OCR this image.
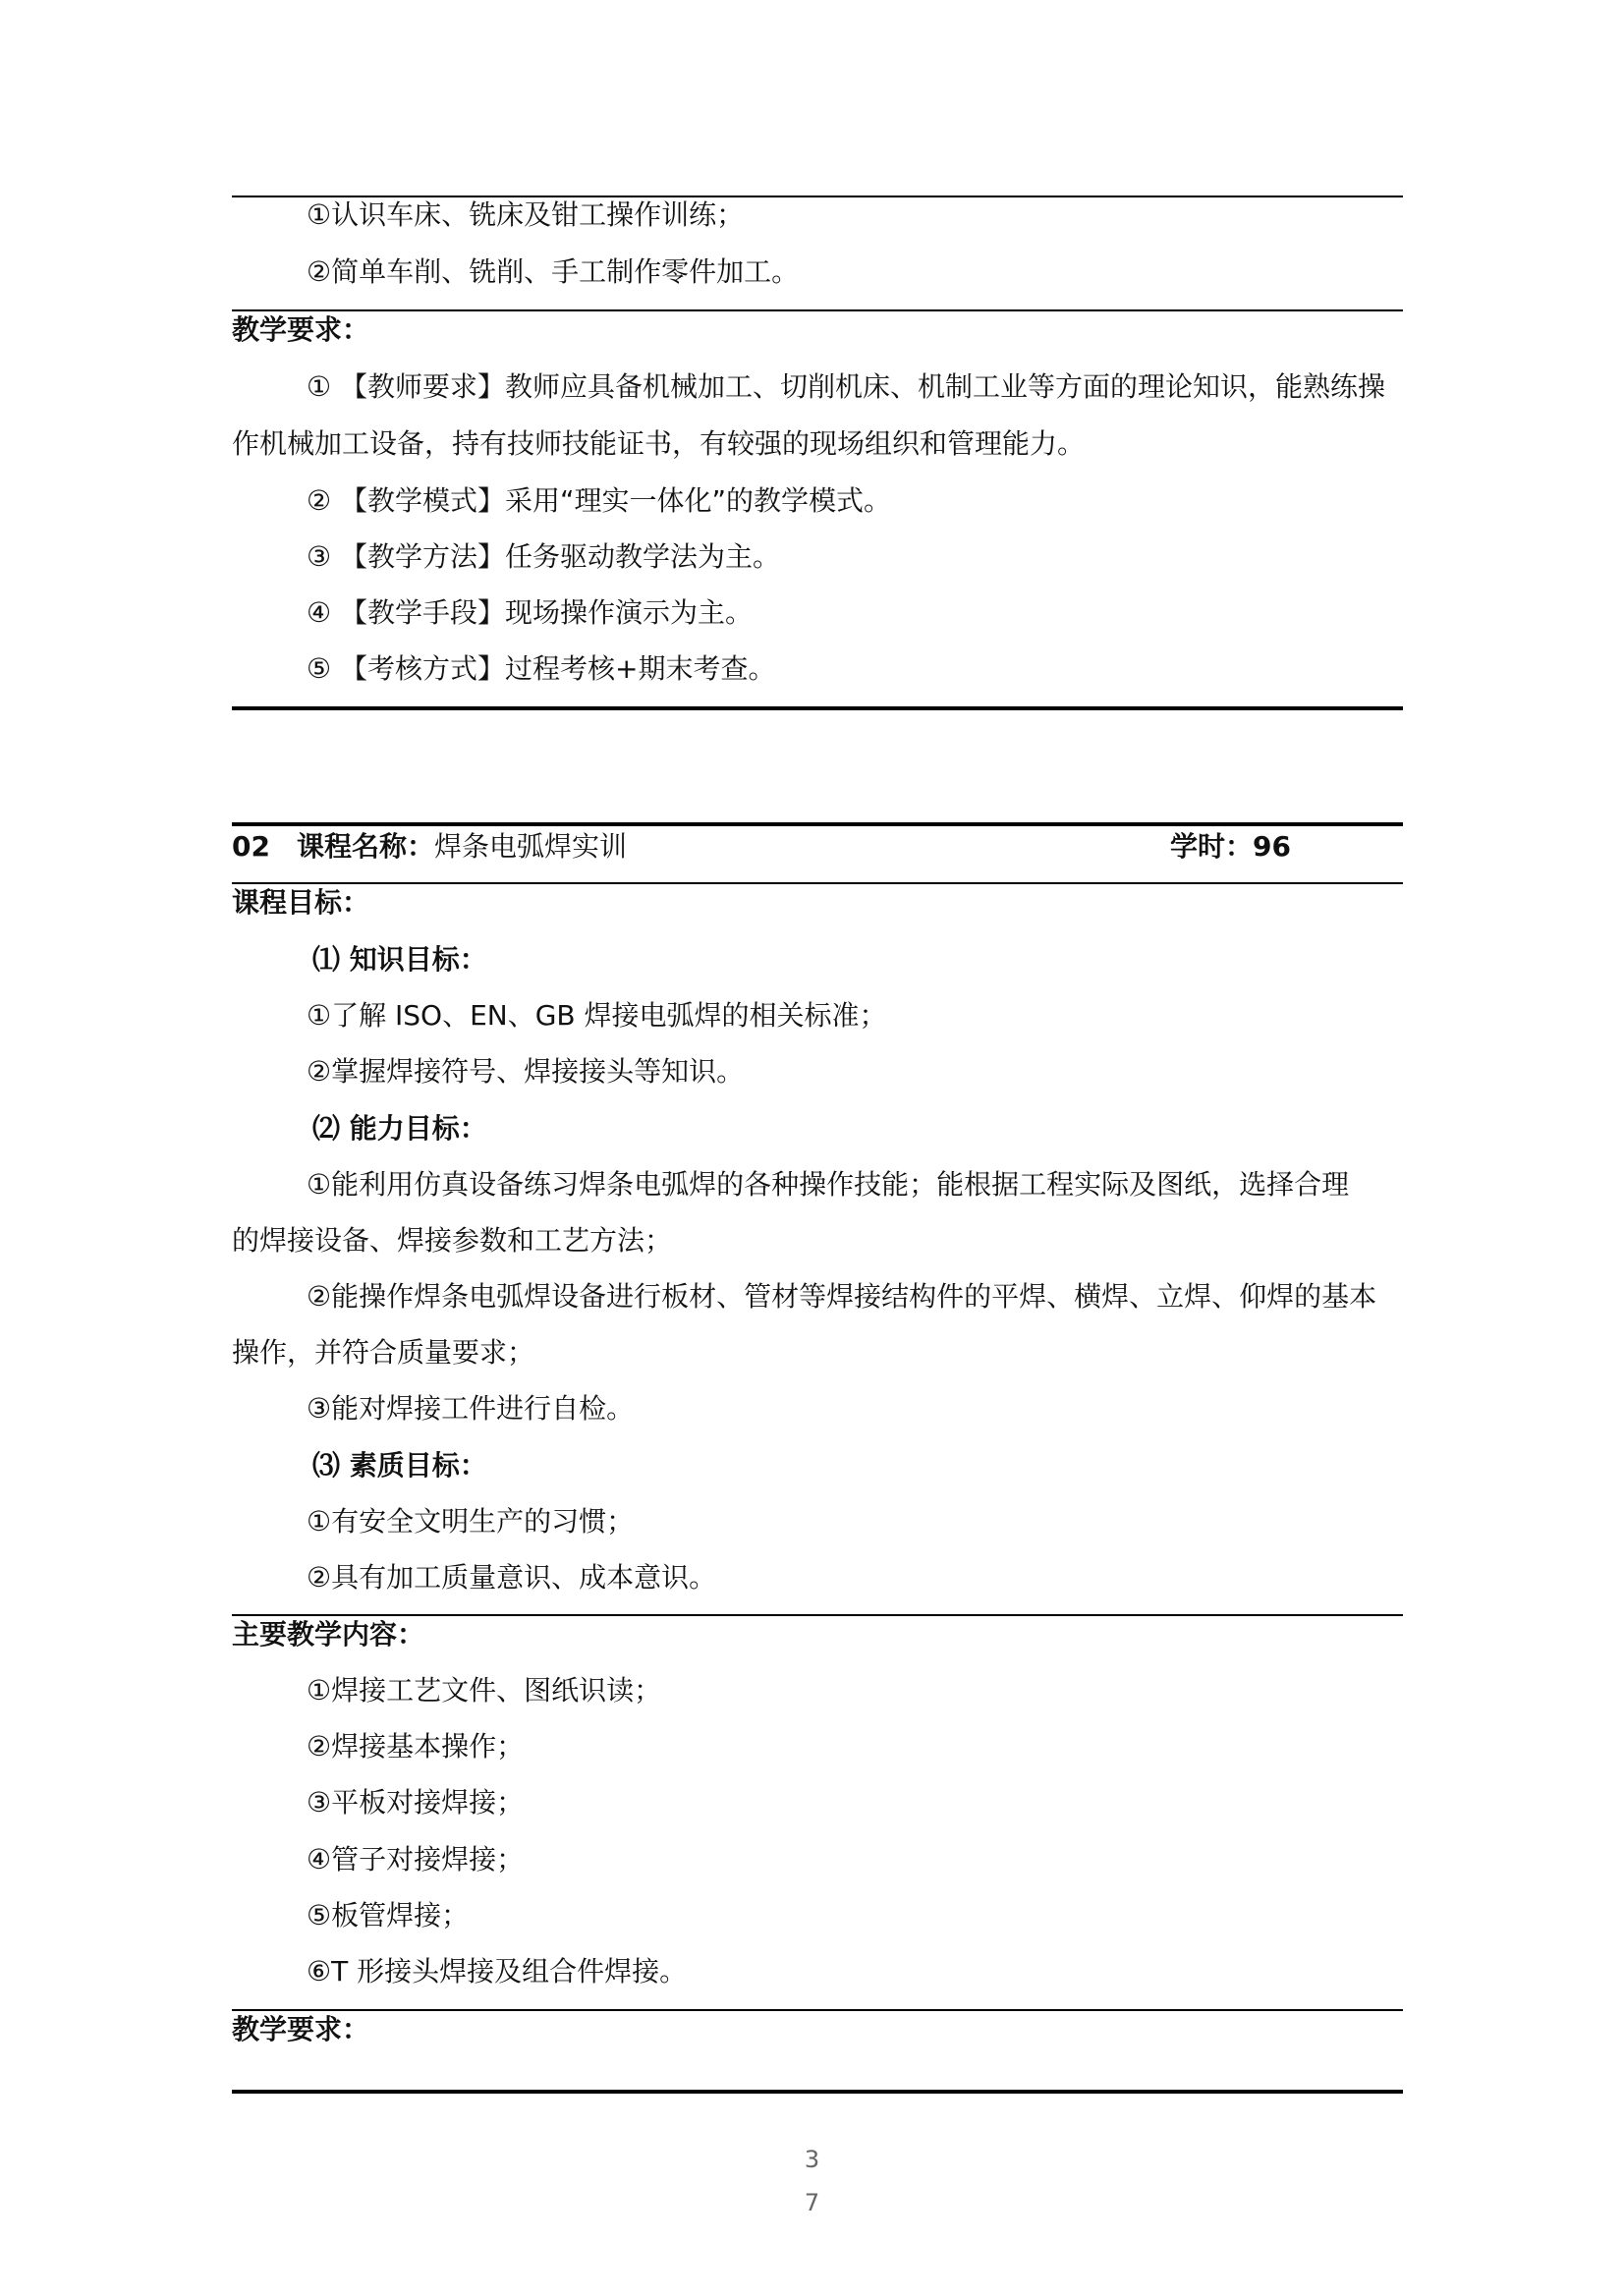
①认识车床、铣床及钳工操作训练；
②简单车削、铣削、手工制作零件加工。
教学要求：
① 【教师要求】教师应具备机械加工、切削机床、机制工业等方面的理论知识，能熟练操
作机械加工设备，持有技师技能证书，有较强的现场组织和管理能力。
② 【教学模式】采用“理实一体化”的教学模式。
③ 【教学方法】任务驱动教学法为主。
④ 【教学手段】现场操作演示为主。
⑤ 【考核方式】过程考核+期末考查。
02 课程名称：焊条电弧焊实训	学时：96
课程目标：
⑴ 知识目标：
①了解 ISO、EN、GB 焊接电弧焊的相关标准；
②掌握焊接符号、焊接接头等知识。
⑵ 能力目标：
①能利用仿真设备练习焊条电弧焊的各种操作技能；能根据工程实际及图纸，选择合理
的焊接设备、焊接参数和工艺方法；
②能操作焊条电弧焊设备进行板材、管材等焊接结构件的平焊、横焊、立焊、仰焊的基本
操作，并符合质量要求；
③能对焊接工件进行自检。
⑶ 素质目标：
①有安全文明生产的习惯；
②具有加工质量意识、成本意识。
主要教学内容：
①焊接工艺文件、图纸识读；
②焊接基本操作；
③平板对接焊接；
④管子对接焊接；
⑤板管焊接；
⑥T 形接头焊接及组合件焊接。
教学要求：
3
7
